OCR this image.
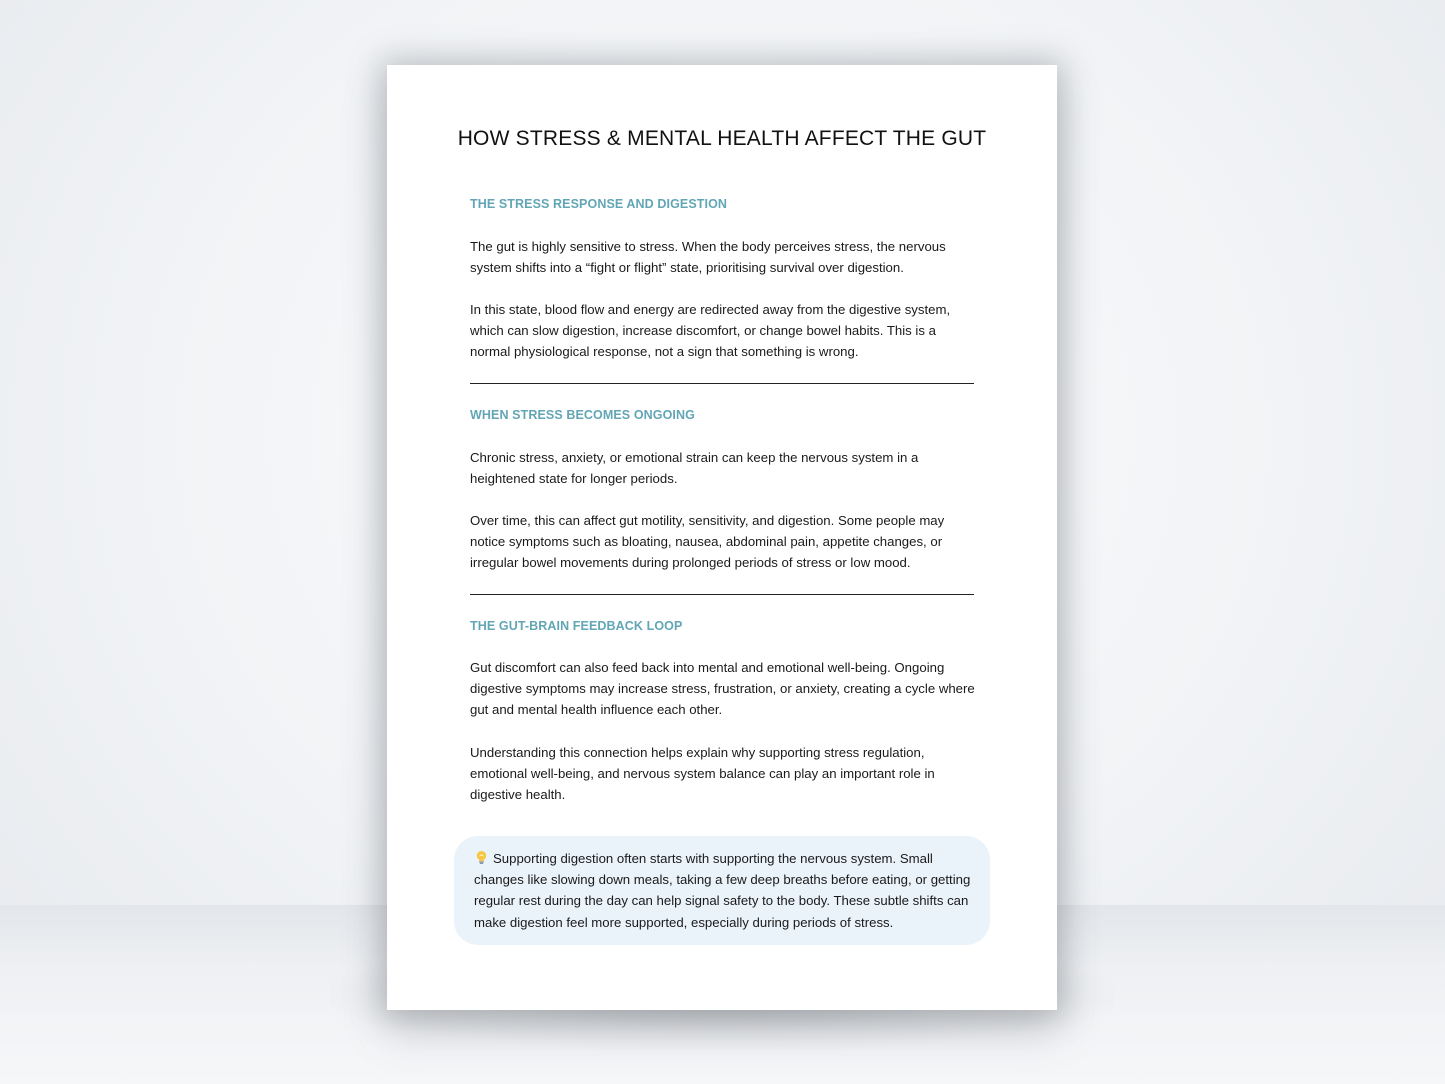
HOW STRESS & MENTAL HEALTH AFFECT THE GUT
THE STRESS RESPONSE AND DIGESTION

The gut is highly sensitive to stress. When the body perceives stress, the nervous system shifts into a “fight or flight” state, prioritising survival over digestion.

In this state, blood flow and energy are redirected away from the digestive system, which can slow digestion, increase discomfort, or change bowel habits. This is a normal physiological response, not a sign that something is wrong.

WHEN STRESS BECOMES ONGOING

Chronic stress, anxiety, or emotional strain can keep the nervous system in a heightened state for longer periods.

Over time, this can affect gut motility, sensitivity, and digestion. Some people may notice symptoms such as bloating, nausea, abdominal pain, appetite changes, or irregular bowel movements during prolonged periods of stress or low mood.

THE GUT-BRAIN FEEDBACK LOOP

Gut discomfort can also feed back into mental and emotional well-being. Ongoing digestive symptoms may increase stress, frustration, or anxiety, creating a cycle where gut and mental health influence each other.

Understanding this connection helps explain why supporting stress regulation, emotional well-being, and nervous system balance can play an important role in digestive health.

Supporting digestion often starts with supporting the nervous system. Small changes like slowing down meals, taking a few deep breaths before eating, or getting regular rest during the day can help signal safety to the body. These subtle shifts can make digestion feel more supported, especially during periods of stress.
